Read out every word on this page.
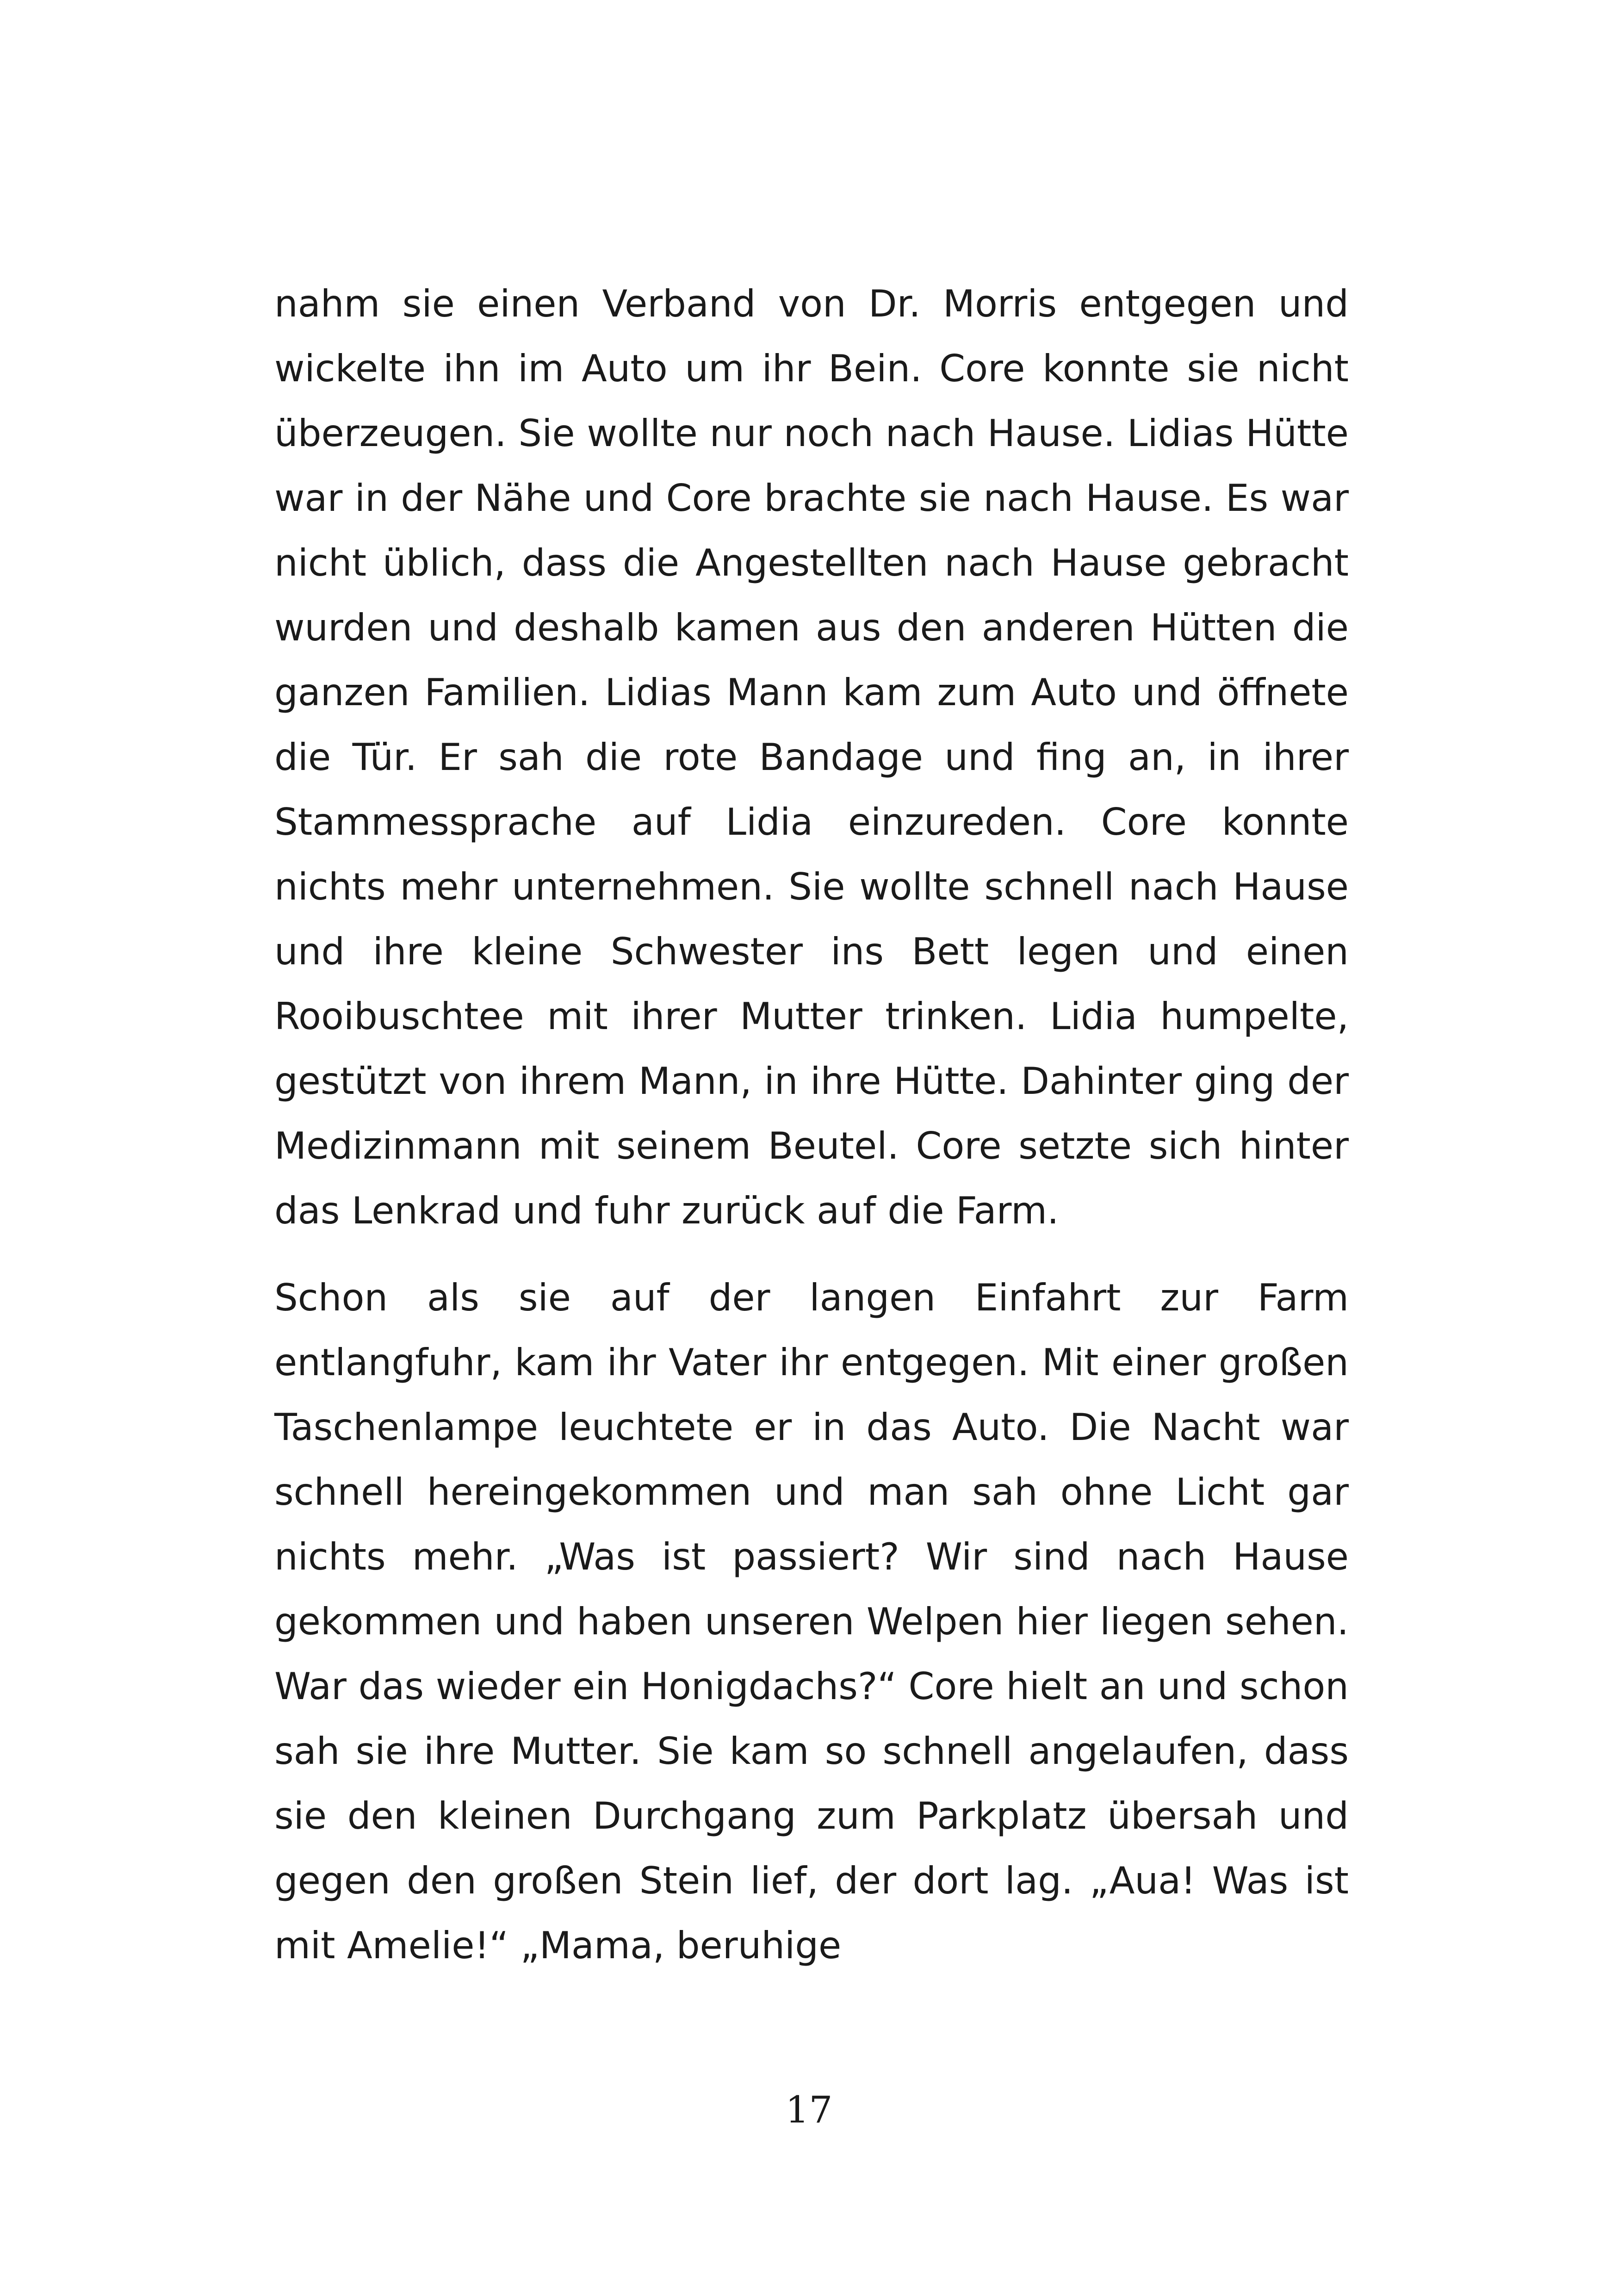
nahm sie einen Verband von Dr. Morris entgegen und wickelte ihn im Auto um ihr Bein. Core konnte sie nicht überzeugen. Sie wollte nur noch nach Hause. Lidias Hütte war in der Nähe und Core brachte sie nach Hause. Es war nicht üblich, dass die Angestellten nach Hause gebracht wurden und deshalb kamen aus den anderen Hütten die ganzen Familien. Lidias Mann kam zum Auto und öffnete die Tür. Er sah die rote Bandage und fing an, in ihrer Stammessprache auf Lidia einzureden. Core konnte nichts mehr unternehmen. Sie wollte schnell nach Hause und ihre kleine Schwester ins Bett legen und einen Rooibuschtee mit ihrer Mutter trinken. Lidia humpelte, gestützt von ihrem Mann, in ihre Hütte. Dahinter ging der Medizinmann mit seinem Beutel. Core setzte sich hinter das Lenkrad und fuhr zurück auf die Farm.

Schon als sie auf der langen Einfahrt zur Farm entlangfuhr, kam ihr Vater ihr entgegen. Mit einer großen Taschenlampe leuchtete er in das Auto. Die Nacht war schnell hereingekommen und man sah ohne Licht gar nichts mehr. „Was ist passiert? Wir sind nach Hause gekommen und haben unseren Welpen hier liegen sehen. War das wieder ein Honigdachs?“ Core hielt an und schon sah sie ihre Mutter. Sie kam so schnell angelaufen, dass sie den kleinen Durchgang zum Parkplatz übersah und gegen den großen Stein lief, der dort lag. „Aua! Was ist mit Amelie!“ „Mama, beruhige

17
